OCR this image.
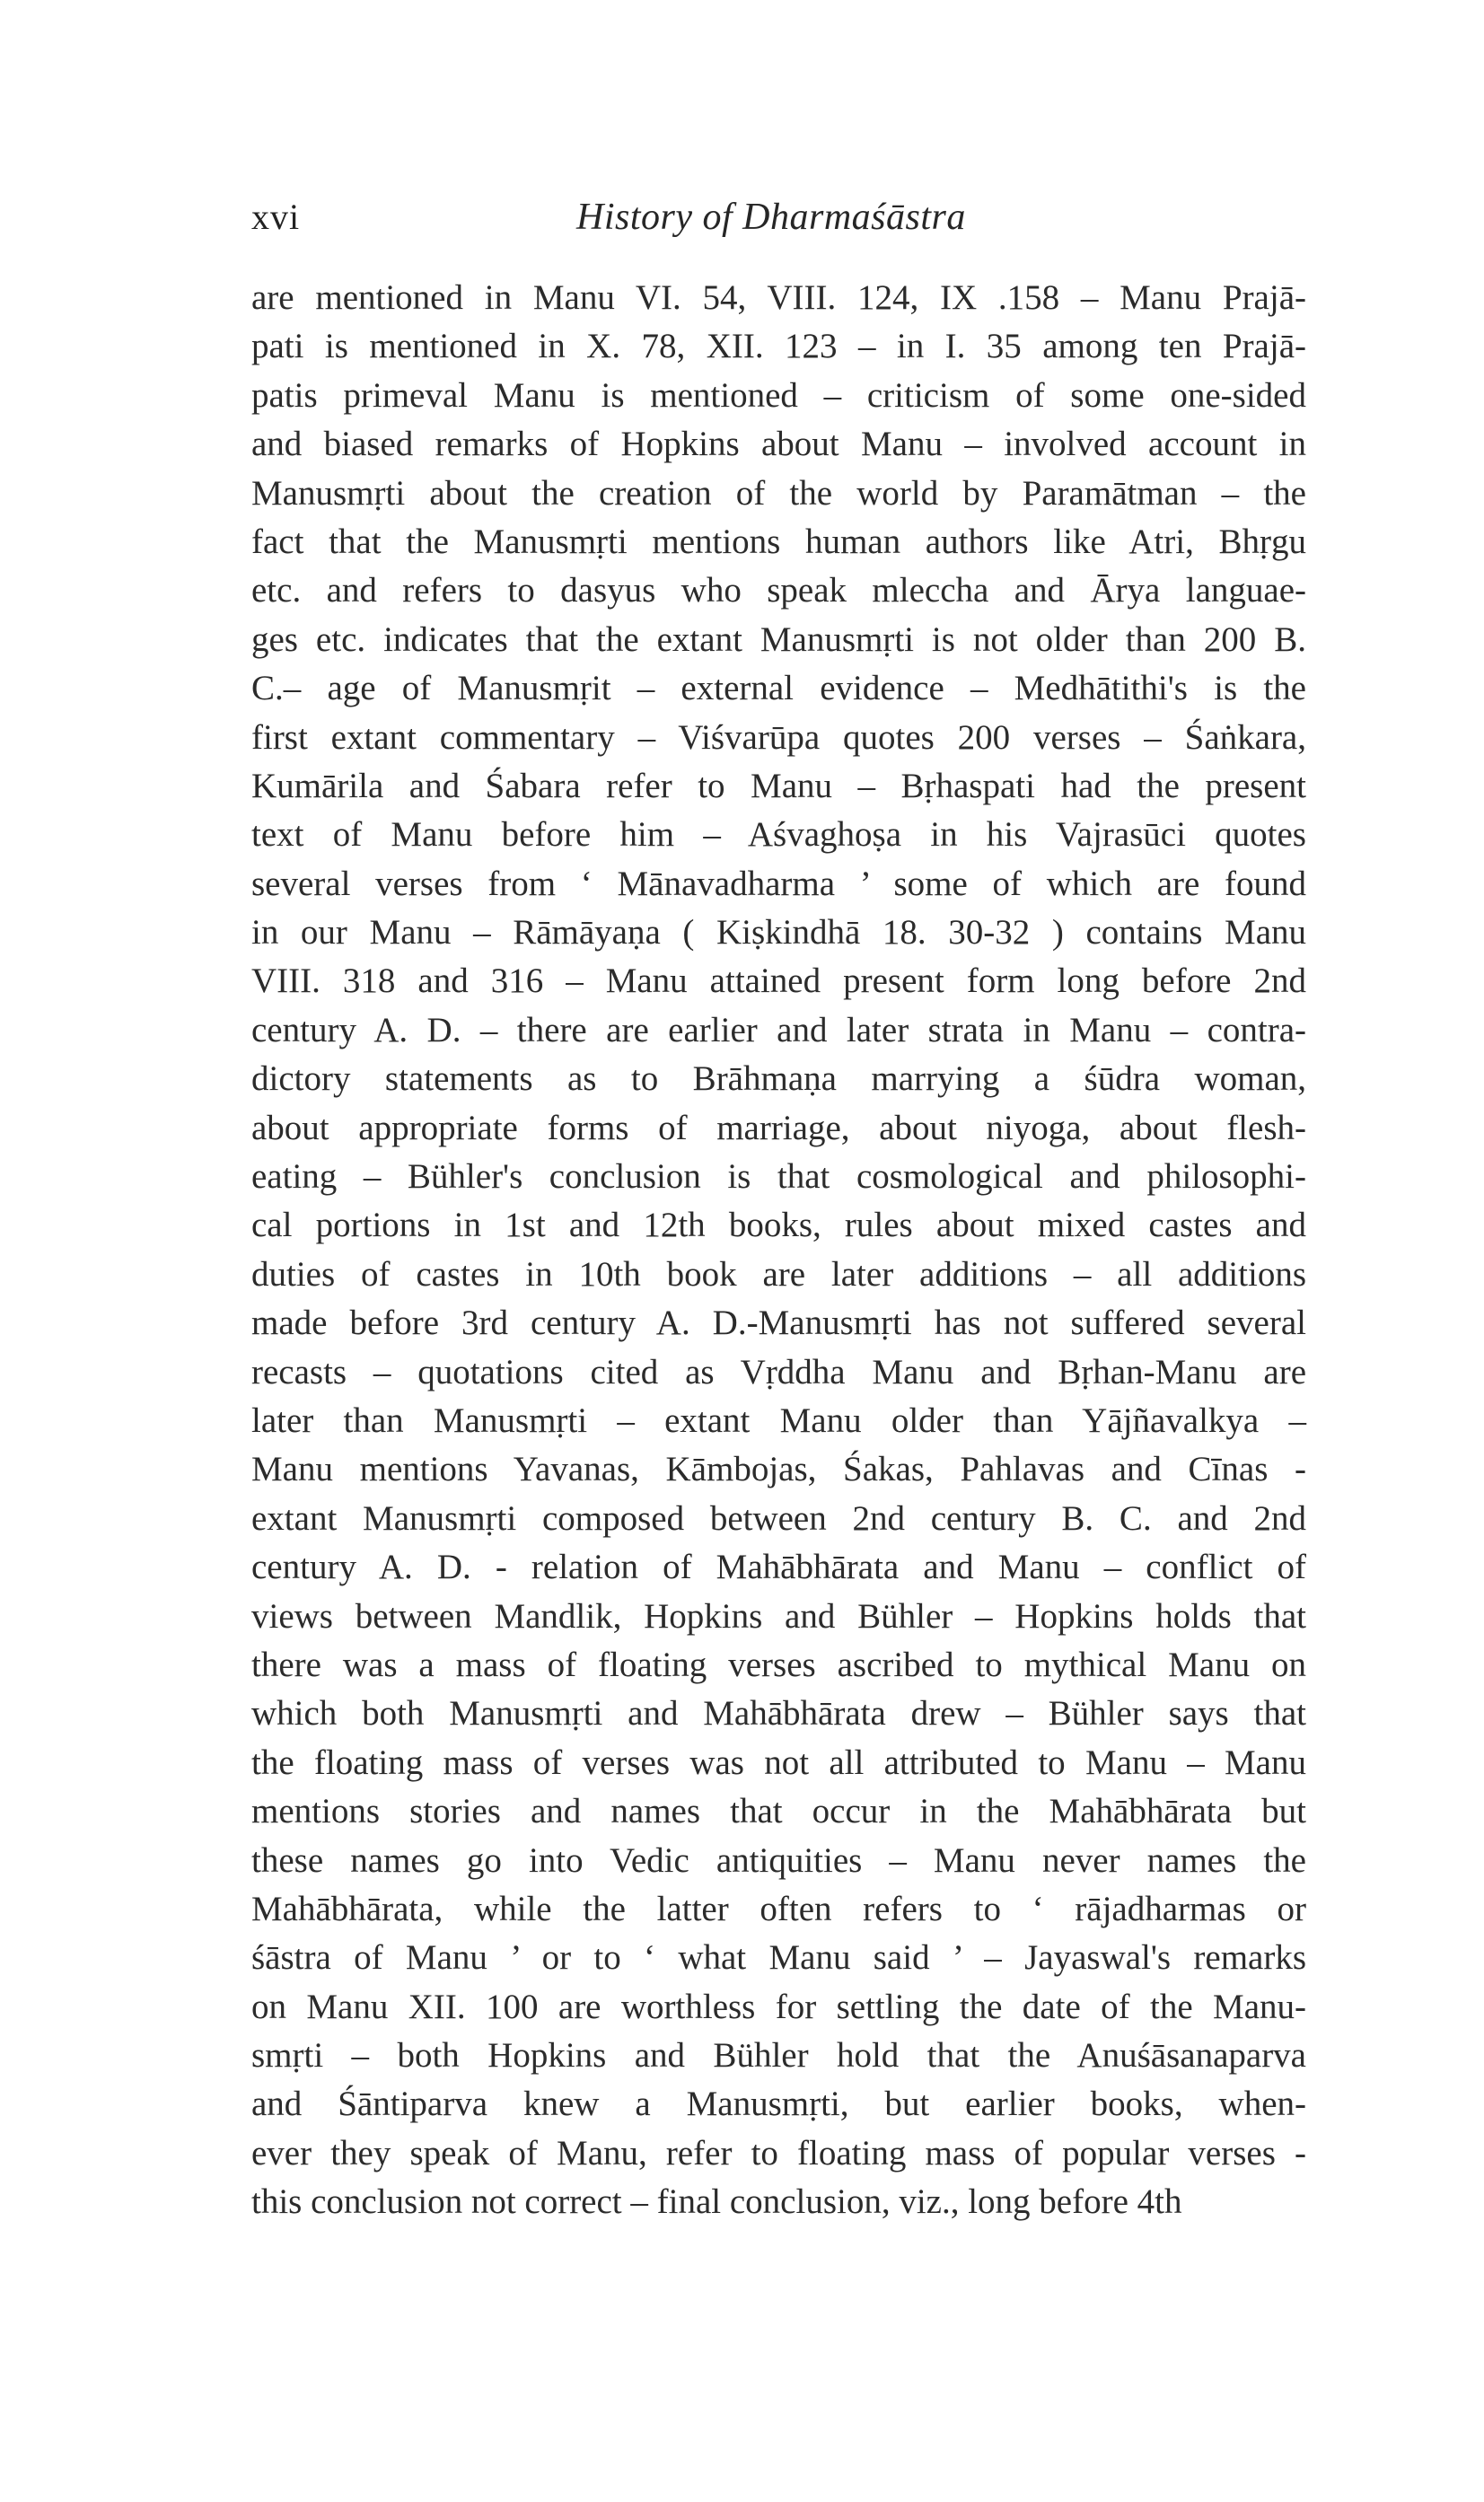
xvi	History of Dharmaśāstra
are mentioned in Manu VI. 54, VIII. 124, IX .158 – Manu Prajā-
pati is mentioned in X. 78, XII. 123 – in I. 35 among ten Prajā-
patis primeval Manu is mentioned – criticism of some one-sided
and biased remarks of Hopkins about Manu – involved account in
Manusmṛti about the creation of the world by Paramātman – the
fact that the Manusmṛti mentions human authors like Atri, Bhṛgu
etc. and refers to dasyus who speak mleccha and Ārya languae-
ges etc. indicates that the extant Manusmṛti is not older than 200 B.
C.– age of Manusmṛit – external evidence – Medhātithi's is the
first extant commentary – Viśvarūpa quotes 200 verses – Śaṅkara,
Kumārila and Śabara refer to Manu – Bṛhaspati had the present
text of Manu before him – Aśvaghoṣa in his Vajrasūci quotes
several verses from ‘ Mānavadharma ’ some of which are found
in our Manu – Rāmāyaṇa ( Kiṣkindhā 18. 30-32 ) contains Manu
VIII. 318 and 316 – Manu attained present form long before 2nd
century A. D. – there are earlier and later strata in Manu – contra-
dictory statements as to Brāhmaṇa marrying a śūdra woman,
about appropriate forms of marriage, about niyoga, about flesh-
eating – Bühler's conclusion is that cosmological and philosophi-
cal portions in 1st and 12th books, rules about mixed castes and
duties of castes in 10th book are later additions – all additions
made before 3rd century A. D.-Manusmṛti has not suffered several
recasts – quotations cited as Vṛddha Manu and Bṛhan-Manu are
later than Manusmṛti – extant Manu older than Yājñavalkya –
Manu mentions Yavanas, Kāmbojas, Śakas, Pahlavas and Cīnas -
extant Manusmṛti composed between 2nd century B. C. and 2nd
century A. D. - relation of Mahābhārata and Manu – conflict of
views between Mandlik, Hopkins and Bühler – Hopkins holds that
there was a mass of floating verses ascribed to mythical Manu on
which both Manusmṛti and Mahābhārata drew – Bühler says that
the floating mass of verses was not all attributed to Manu – Manu
mentions stories and names that occur in the Mahābhārata but
these names go into Vedic antiquities – Manu never names the
Mahābhārata, while the latter often refers to ‘ rājadharmas or
śāstra of Manu ’ or to ‘ what Manu said ’ – Jayaswal's remarks
on Manu XII. 100 are worthless for settling the date of the Manu-
smṛti – both Hopkins and Bühler hold that the Anuśāsanaparva
and Śāntiparva knew a Manusmṛti, but earlier books, when-
ever they speak of Manu, refer to floating mass of popular verses -
this conclusion not correct – final conclusion, viz., long before 4th
